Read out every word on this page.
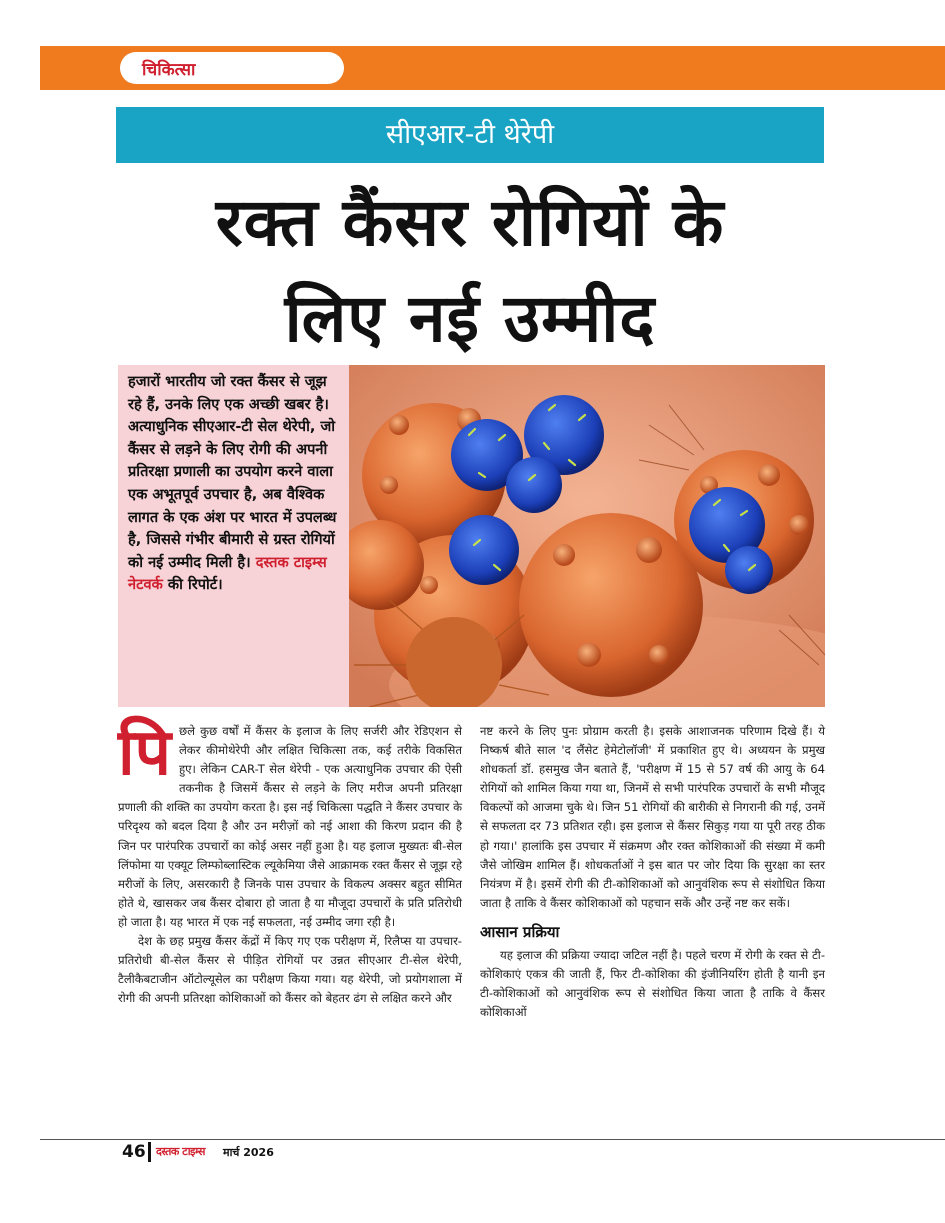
चिकित्सा
सीएआर-टी थेरेपी
रक्त कैंसर रोगियों के
लिए नई उम्मीद
हजारों भारतीय जो रक्त कैंसर से जूझ रहे हैं, उनके लिए एक अच्छी खबर है। अत्याधुनिक सीएआर-टी सेल थेरेपी, जो कैंसर से लड़ने के लिए रोगी की अपनी प्रतिरक्षा प्रणाली का उपयोग करने वाला एक अभूतपूर्व उपचार है, अब वैश्विक लागत के एक अंश पर भारत में उपलब्ध है, जिससे गंभीर बीमारी से ग्रस्त रोगियों को नई उम्मीद मिली है। दस्तक टाइम्स नेटवर्क की रिपोर्ट।

पि छले कुछ वर्षों में कैंसर के इलाज के लिए सर्जरी और रेडिएशन से लेकर कीमोथेरेपी और लक्षित चिकित्सा तक, कई तरीके विकसित हुए। लेकिन CAR-T सेल थेरेपी - एक अत्याधुनिक उपचार की ऐसी तकनीक है जिसमें कैंसर से लड़ने के लिए मरीज अपनी प्रतिरक्षा प्रणाली की शक्ति का उपयोग करता है। इस नई चिकित्सा पद्धति ने कैंसर उपचार के परिदृश्य को बदल दिया है और उन मरीज़ों को नई आशा की किरण प्रदान की है जिन पर पारंपरिक उपचारों का कोई असर नहीं हुआ है। यह इलाज मुख्यतः बी-सेल लिंफोमा या एक्यूट लिम्फोब्लास्टिक ल्यूकेमिया जैसे आक्रामक रक्त कैंसर से जूझ रहे मरीजों के लिए, असरकारी है जिनके पास उपचार के विकल्प अक्सर बहुत सीमित होते थे, खासकर जब कैंसर दोबारा हो जाता है या मौजूदा उपचारों के प्रति प्रतिरोधी हो जाता है। यह भारत में एक नई सफलता, नई उम्मीद जगा रही है।

देश के छह प्रमुख कैंसर केंद्रों में किए गए एक परीक्षण में, रिलैप्स या उपचार-प्रतिरोधी बी-सेल कैंसर से पीड़ित रोगियों पर उन्नत सीएआर टी-सेल थेरेपी, टैलीकैबटाजीन ऑटोल्यूसेल का परीक्षण किया गया। यह थेरेपी, जो प्रयोगशाला में रोगी की अपनी प्रतिरक्षा कोशिकाओं को कैंसर को बेहतर ढंग से लक्षित करने और

नष्ट करने के लिए पुनः प्रोग्राम करती है। इसके आशाजनक परिणाम दिखे हैं। ये निष्कर्ष बीते साल 'द लैंसेट हेमेटोलॉजी' में प्रकाशित हुए थे। अध्ययन के प्रमुख शोधकर्ता डॉ. हसमुख जैन बताते हैं, 'परीक्षण में 15 से 57 वर्ष की आयु के 64 रोगियों को शामिल किया गया था, जिनमें से सभी पारंपरिक उपचारों के सभी मौजूद विकल्पों को आजमा चुके थे। जिन 51 रोगियों की बारीकी से निगरानी की गई, उनमें से सफलता दर 73 प्रतिशत रही। इस इलाज से कैंसर सिकुड़ गया या पूरी तरह ठीक हो गया।' हालांकि इस उपचार में संक्रमण और रक्त कोशिकाओं की संख्या में कमी जैसे जोखिम शामिल हैं। शोधकर्ताओं ने इस बात पर जोर दिया कि सुरक्षा का स्तर नियंत्रण में है। इसमें रोगी की टी-कोशिकाओं को आनुवंशिक रूप से संशोधित किया जाता है ताकि वे कैंसर कोशिकाओं को पहचान सकें और उन्हें नष्ट कर सकें।

आसान प्रक्रिया

यह इलाज की प्रक्रिया ज्यादा जटिल नहीं है। पहले चरण में रोगी के रक्त से टी-कोशिकाएं एकत्र की जाती हैं, फिर टी-कोशिका की इंजीनियरिंग होती है यानी इन टी-कोशिकाओं को आनुवंशिक रूप से संशोधित किया जाता है ताकि वे कैंसर कोशिकाओं

46 दस्तक टाइम्स मार्च 2026
